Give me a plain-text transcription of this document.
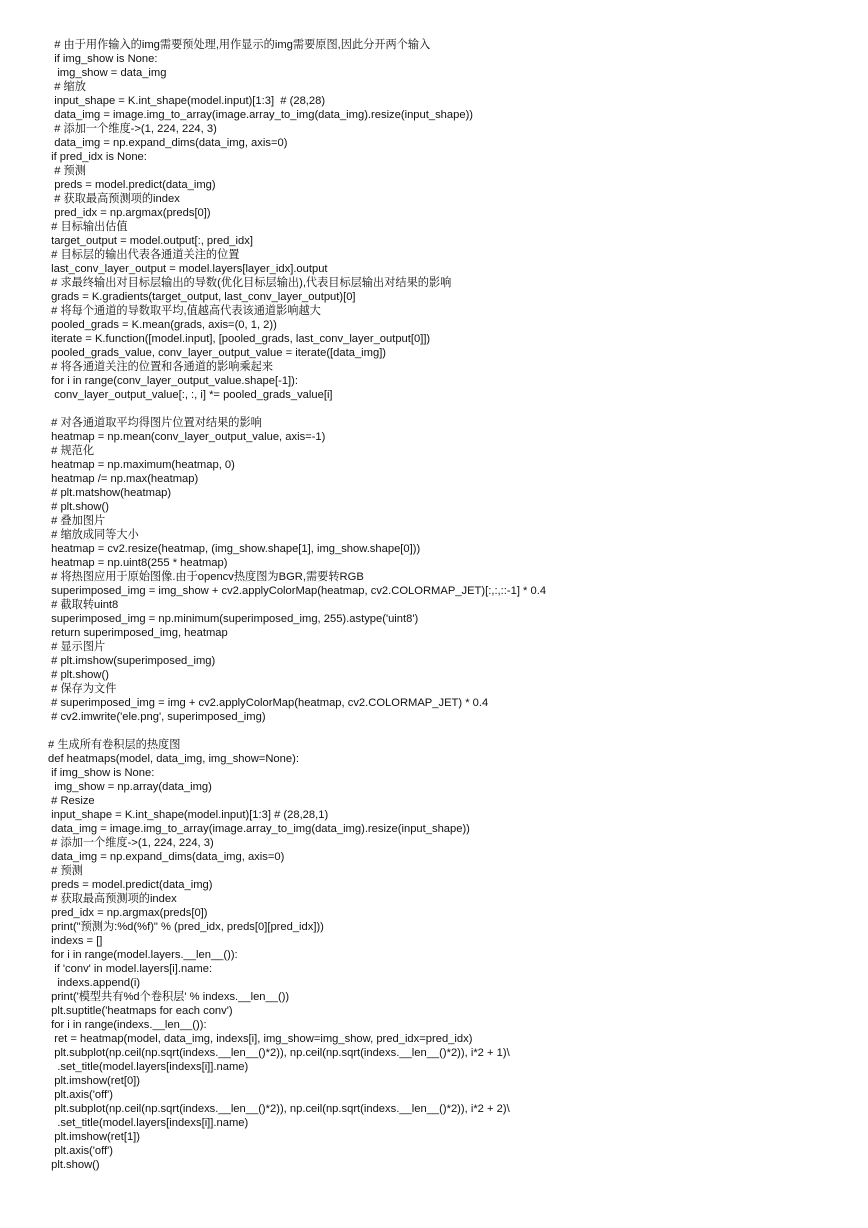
# 由于用作输入的img需要预处理,用作显示的img需要原图,因此分开两个输入
if img_show is None:
img_show = data_img
# 缩放
input_shape = K.int_shape(model.input)[1:3]  # (28,28)
data_img = image.img_to_array(image.array_to_img(data_img).resize(input_shape))
# 添加一个维度->(1, 224, 224, 3)
data_img = np.expand_dims(data_img, axis=0)
if pred_idx is None:
# 预测
preds = model.predict(data_img)
# 获取最高预测项的index
pred_idx = np.argmax(preds[0])
# 目标输出估值
target_output = model.output[:, pred_idx]
# 目标层的输出代表各通道关注的位置
last_conv_layer_output = model.layers[layer_idx].output
# 求最终输出对目标层输出的导数(优化目标层输出),代表目标层输出对结果的影响
grads = K.gradients(target_output, last_conv_layer_output)[0]
# 将每个通道的导数取平均,值越高代表该通道影响越大
pooled_grads = K.mean(grads, axis=(0, 1, 2))
iterate = K.function([model.input], [pooled_grads, last_conv_layer_output[0]])
pooled_grads_value, conv_layer_output_value = iterate([data_img])
# 将各通道关注的位置和各通道的影响乘起来
for i in range(conv_layer_output_value.shape[-1]):
conv_layer_output_value[:, :, i] *= pooled_grads_value[i]
# 对各通道取平均得图片位置对结果的影响
heatmap = np.mean(conv_layer_output_value, axis=-1)
# 规范化
heatmap = np.maximum(heatmap, 0)
heatmap /= np.max(heatmap)
# plt.matshow(heatmap)
# plt.show()
# 叠加图片
# 缩放成同等大小
heatmap = cv2.resize(heatmap, (img_show.shape[1], img_show.shape[0]))
heatmap = np.uint8(255 * heatmap)
# 将热图应用于原始图像.由于opencv热度图为BGR,需要转RGB
superimposed_img = img_show + cv2.applyColorMap(heatmap, cv2.COLORMAP_JET)[:,:,::-1] * 0.4
# 截取转uint8
superimposed_img = np.minimum(superimposed_img, 255).astype('uint8')
return superimposed_img, heatmap
# 显示图片
# plt.imshow(superimposed_img)
# plt.show()
# 保存为文件
# superimposed_img = img + cv2.applyColorMap(heatmap, cv2.COLORMAP_JET) * 0.4
# cv2.imwrite('ele.png', superimposed_img)
# 生成所有卷积层的热度图
def heatmaps(model, data_img, img_show=None):
if img_show is None:
img_show = np.array(data_img)
# Resize
input_shape = K.int_shape(model.input)[1:3] # (28,28,1)
data_img = image.img_to_array(image.array_to_img(data_img).resize(input_shape))
# 添加一个维度->(1, 224, 224, 3)
data_img = np.expand_dims(data_img, axis=0)
# 预测
preds = model.predict(data_img)
# 获取最高预测项的index
pred_idx = np.argmax(preds[0])
print("预测为:%d(%f)" % (pred_idx, preds[0][pred_idx]))
indexs = []
for i in range(model.layers.__len__()):
if 'conv' in model.layers[i].name:
indexs.append(i)
print('模型共有%d个卷积层' % indexs.__len__())
plt.suptitle('heatmaps for each conv')
for i in range(indexs.__len__()):
ret = heatmap(model, data_img, indexs[i], img_show=img_show, pred_idx=pred_idx)
plt.subplot(np.ceil(np.sqrt(indexs.__len__()*2)), np.ceil(np.sqrt(indexs.__len__()*2)), i*2 + 1)\
.set_title(model.layers[indexs[i]].name)
plt.imshow(ret[0])
plt.axis('off')
plt.subplot(np.ceil(np.sqrt(indexs.__len__()*2)), np.ceil(np.sqrt(indexs.__len__()*2)), i*2 + 2)\
.set_title(model.layers[indexs[i]].name)
plt.imshow(ret[1])
plt.axis('off')
plt.show()
